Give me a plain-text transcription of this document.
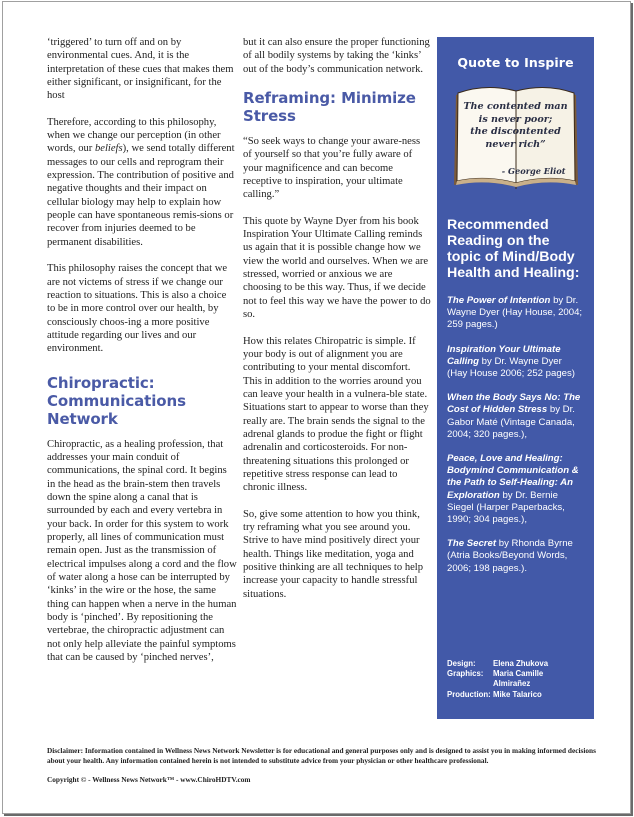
‘triggered’ to turn off and on by environmental cues. And, it is the interpretation of these cues that makes them either significant, or insignificant, for the host

Therefore, according to this philosophy, when we change our perception (in other words, our beliefs), we send totally different messages to our cells and reprogram their expression. The contribution of positive and negative thoughts and their impact on cellular biology may help to explain how people can have spontaneous remis-sions or recover from injuries deemed to be permanent disabilities.

This philosophy raises the concept that we are not victems of stress if we change our reaction to situations. This is also a choice to be in more control over our health, by consciously choos-ing a more positive attitude regarding our lives and our environment.

Chiropractic:
Communications
Network

Chiropractic, as a healing profession, that addresses your main conduit of communications, the spinal cord. It begins in the head as the brain-stem then travels down the spine along a canal that is surrounded by each and every vertebra in your back. In order for this system to work properly, all lines of communication must remain open. Just as the transmission of electrical impulses along a cord and the flow of water along a hose can be interrupted by ‘kinks’ in the wire or the hose, the same thing can happen when a nerve in the human body is ‘pinched’. By repositioning the vertebrae, the chiropractic adjustment can not only help alleviate the painful symptoms that can be caused by ‘pinched nerves’,

but it can also ensure the proper functioning of all bodily systems by taking the ‘kinks’ out of the body’s communication network.

Reframing: Minimize
Stress

“So seek ways to change your aware-ness of yourself so that you’re fully aware of your magnificence and can become receptive to inspiration, your ultimate calling.”

This quote by Wayne Dyer from his book Inspiration Your Ultimate Calling reminds us again that it is possible change how we view the world and ourselves. When we are stressed, worried or anxious we are choosing to be this way. Thus, if we decide not to feel this way we have the power to do so.

How this relates Chiropatric is simple. If your body is out of alignment you are contributing to your mental discomfort. This in addition to the worries around you can leave your health in a vulnera-ble state. Situations start to appear to worse than they really are. The brain sends the signal to the adrenal glands to produe the fight or flight adrenalin and corticosteroids. For non-threatening situations this prolonged or repetitive stress response can lead to chronic illness.

So, give some attention to how you think, try reframing what you see around you. Strive to have mind positively direct your health. Things like meditation, yoga and positive thinking are all techniques to help increase your capacity to handle stressful situations.

Quote to Inspire
The contented man
is never poor;
the discontented
never rich”
- George Eliot
Recommended Reading on the topic of Mind/Body Health and Healing:
The Power of Intention by Dr. Wayne Dyer (Hay House, 2004; 259 pages.)
Inspiration Your Ultimate Calling by Dr. Wayne Dyer (Hay House 2006; 252 pages)
When the Body Says No: The Cost of Hidden Stress by Dr. Gabor Maté (Vintage Canada, 2004; 320 pages.),
Peace, Love and Healing: Bodymind Communication & the Path to Self-Healing: An Exploration by Dr. Bernie Siegel (Harper Paperbacks, 1990; 304 pages.),
The Secret by Rhonda Byrne (Atria Books/Beyond Words, 2006; 198 pages.).
Design:	Elena Zhukova
Graphics:	Maria Camille Almirañez
Production: Mike Talarico
Disclaimer: Information contained in Wellness News Network Newsletter is for educational and general purposes only and is designed to assist you in making informed decisions about your health. Any information contained herein is not intended to substitute advice from your physician or other healthcare professional.
Copyright © - Wellness News Network™ - www.ChiroHDTV.com
